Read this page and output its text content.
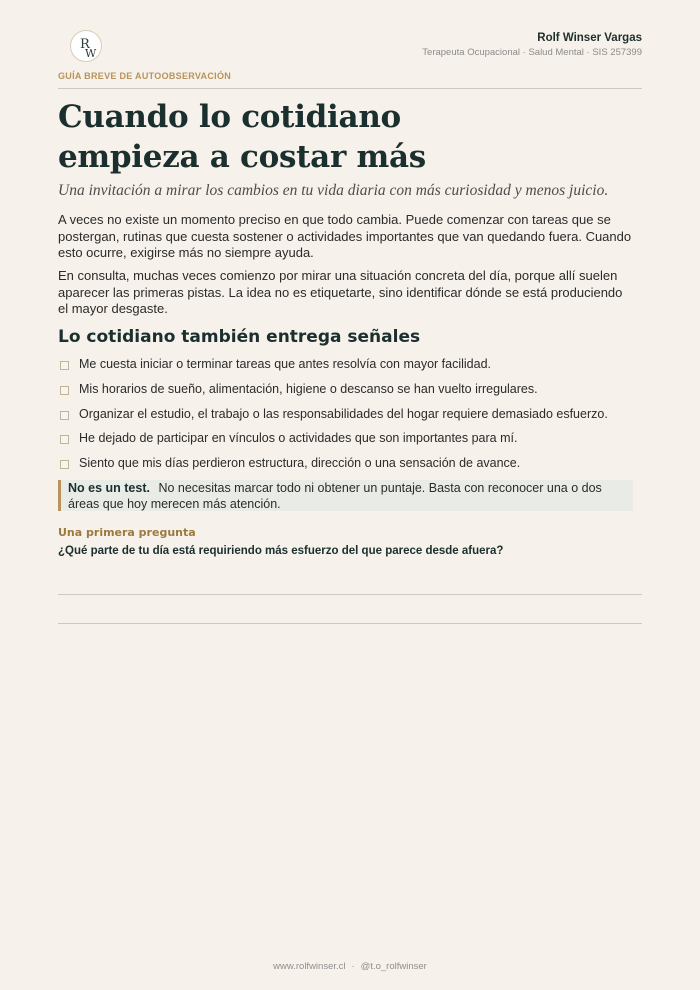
R
W
GUÍA BREVE DE AUTOOBSERVACIÓN
Rolf Winser Vargas
Terapeuta Ocupacional · Salud Mental · SIS 257399
Cuando lo cotidiano
empieza a costar más
Una invitación a mirar los cambios en tu vida diaria con más curiosidad y menos juicio.

A veces no existe un momento preciso en que todo cambia. Puede comenzar con tareas que se postergan, rutinas que cuesta sostener o actividades importantes que van quedando fuera. Cuando esto ocurre, exigirse más no siempre ayuda.

En consulta, muchas veces comienzo por mirar una situación concreta del día, porque allí suelen aparecer las primeras pistas. La idea no es etiquetarte, sino identificar dónde se está produciendo el mayor desgaste.

Lo cotidiano también entrega señales
Me cuesta iniciar o terminar tareas que antes resolvía con mayor facilidad.
Mis horarios de sueño, alimentación, higiene o descanso se han vuelto irregulares.
Organizar el estudio, el trabajo o las responsabilidades del hogar requiere demasiado esfuerzo.
He dejado de participar en vínculos o actividades que son importantes para mí.
Siento que mis días perdieron estructura, dirección o una sensación de avance.
No es un test. No necesitas marcar todo ni obtener un puntaje. Basta con reconocer una o dos áreas que hoy merecen más atención.
Una primera pregunta
¿Qué parte de tu día está requiriendo más esfuerzo del que parece desde afuera?
www.rolfwinser.cl · @t.o_rolfwinser
